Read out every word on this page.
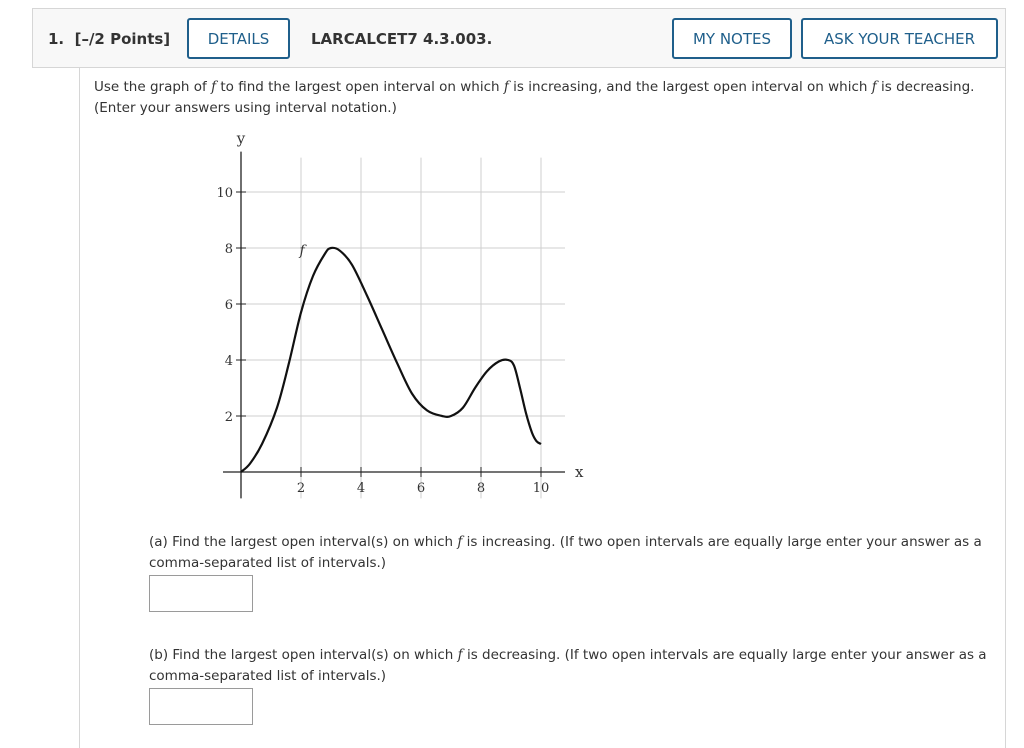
1. [–/2 Points]	DETAILS	LARCALCET7 4.3.003.	MY NOTES	ASK YOUR TEACHER
Use the graph of f to find the largest open interval on which f is increasing, and the largest open interval on which f is decreasing. (Enter your answers using interval notation.)
2	4	6	8	10
2
4
6
8
10
x
y
f
(a) Find the largest open interval(s) on which f is increasing. (If two open intervals are equally large enter your answer as a comma-separated list of intervals.)
(b) Find the largest open interval(s) on which f is decreasing. (If two open intervals are equally large enter your answer as a comma-separated list of intervals.)
